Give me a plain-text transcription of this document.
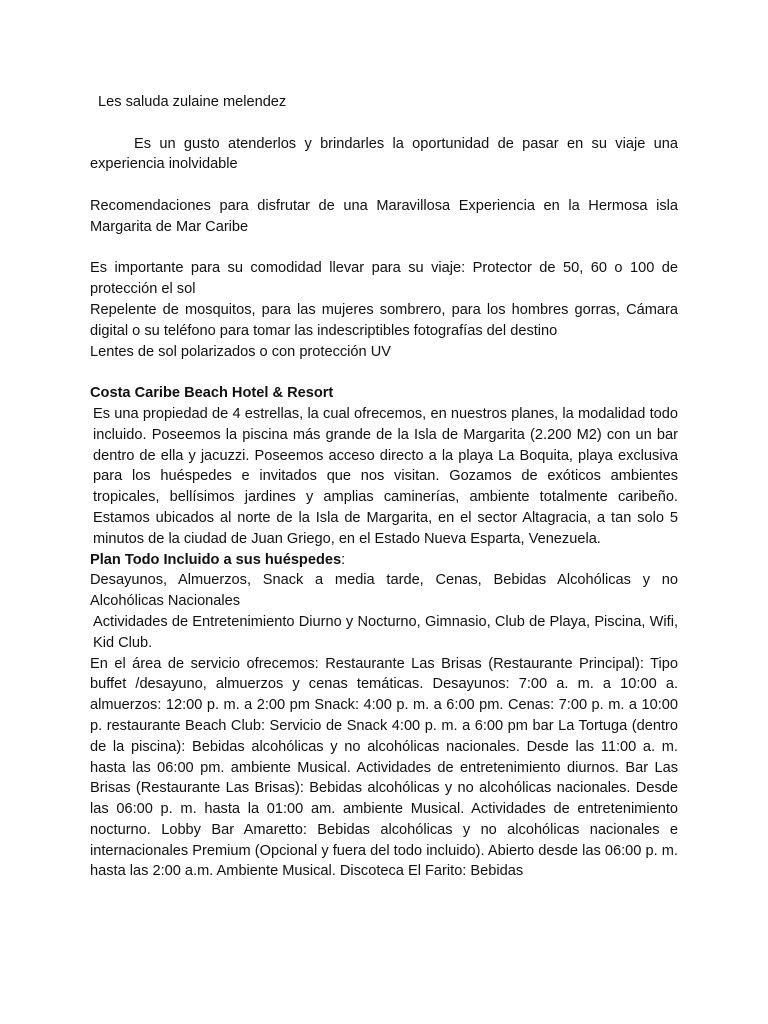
Les saluda zulaine melendez

Es un gusto atenderlos y brindarles la oportunidad de pasar en su viaje una experiencia inolvidable

Recomendaciones para disfrutar de una Maravillosa Experiencia en la Hermosa isla Margarita de Mar Caribe

Es importante para su comodidad llevar para su viaje: Protector de 50, 60 o 100 de protección el sol

Repelente de mosquitos, para las mujeres sombrero, para los hombres gorras, Cámara digital o su teléfono para tomar las indescriptibles fotografías del destino

Lentes de sol polarizados o con protección UV

Costa Caribe Beach Hotel & Resort

Es una propiedad de 4 estrellas, la cual ofrecemos, en nuestros planes, la modalidad todo incluido. Poseemos la piscina más grande de la Isla de Margarita (2.200 M2) con un bar dentro de ella y jacuzzi. Poseemos acceso directo a la playa La Boquita, playa exclusiva para los huéspedes e invitados que nos visitan. Gozamos de exóticos ambientes tropicales, bellísimos jardines y amplias caminerías, ambiente totalmente caribeño. Estamos ubicados al norte de la Isla de Margarita, en el sector Altagracia, a tan solo 5 minutos de la ciudad de Juan Griego, en el Estado Nueva Esparta, Venezuela.

Plan Todo Incluido a sus huéspedes:

Desayunos, Almuerzos, Snack a media tarde, Cenas, Bebidas Alcohólicas y no Alcohólicas Nacionales

Actividades de Entretenimiento Diurno y Nocturno, Gimnasio, Club de Playa, Piscina, Wifi, Kid Club.

En el área de servicio ofrecemos: Restaurante Las Brisas (Restaurante Principal): Tipo buffet /desayuno, almuerzos y cenas temáticas. Desayunos: 7:00 a. m. a 10:00 a. almuerzos: 12:00 p. m. a 2:00 pm Snack: 4:00 p. m. a 6:00 pm. Cenas: 7:00 p. m. a 10:00 p. restaurante Beach Club: Servicio de Snack 4:00 p. m. a 6:00 pm bar La Tortuga (dentro de la piscina): Bebidas alcohólicas y no alcohólicas nacionales. Desde las 11:00 a. m. hasta las 06:00 pm. ambiente Musical. Actividades de entretenimiento diurnos. Bar Las Brisas (Restaurante Las Brisas): Bebidas alcohólicas y no alcohólicas nacionales. Desde las 06:00 p. m. hasta la 01:00 am. ambiente Musical. Actividades de entretenimiento nocturno. Lobby Bar Amaretto: Bebidas alcohólicas y no alcohólicas nacionales e internacionales Premium (Opcional y fuera del todo incluido). Abierto desde las 06:00 p. m. hasta las 2:00 a.m. Ambiente Musical. Discoteca El Farito: Bebidas
